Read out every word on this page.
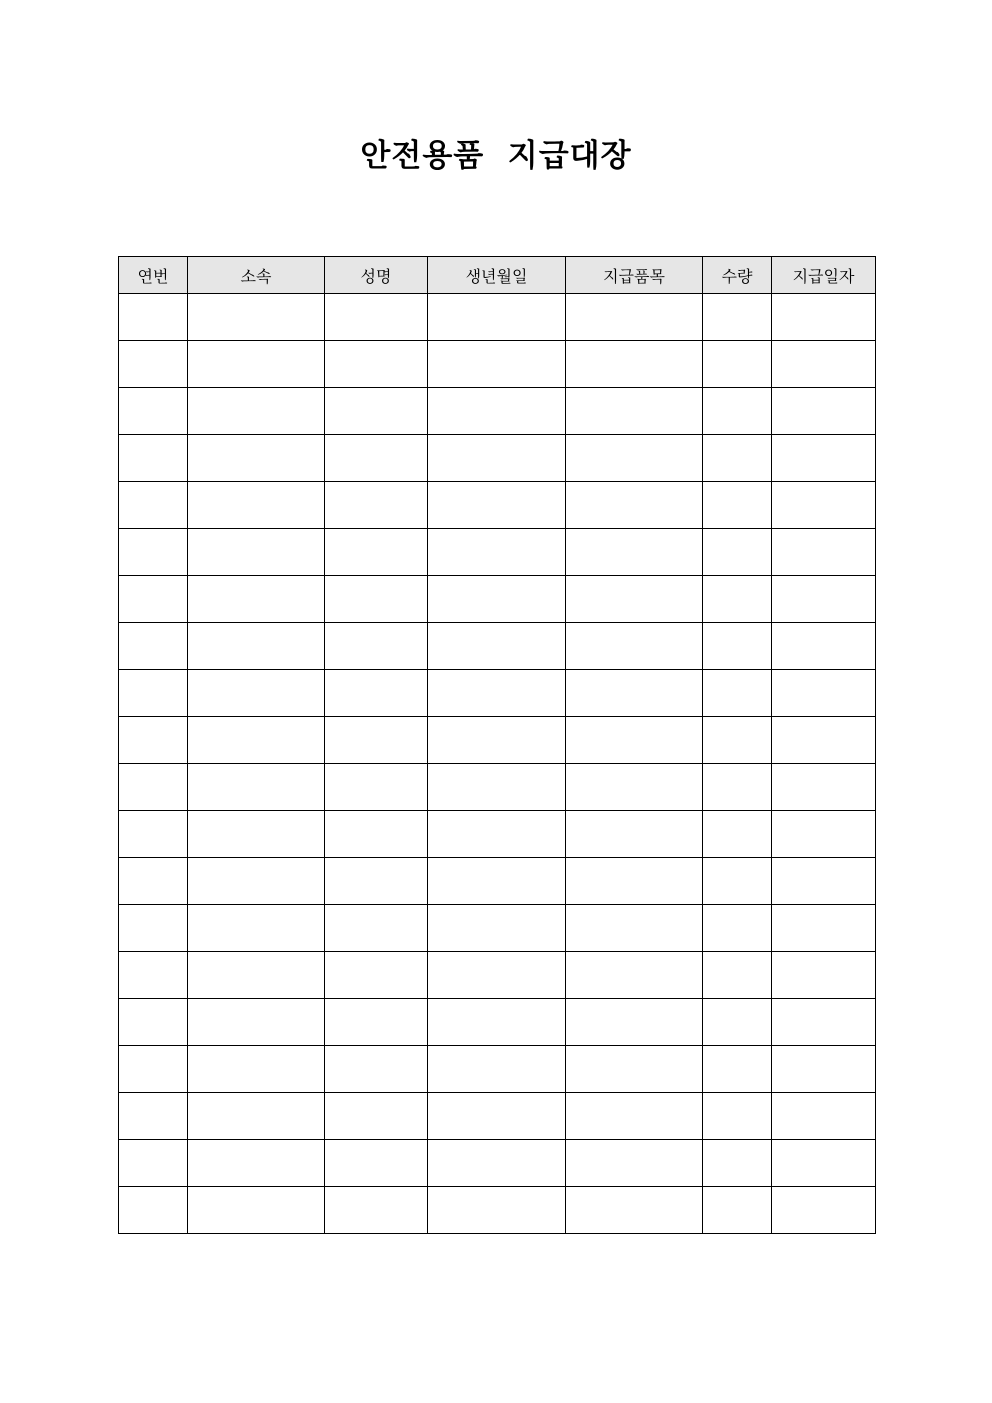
안전용품  지급대장
연번	소속	성명	생년월일	지급품목	수량	지급일자
